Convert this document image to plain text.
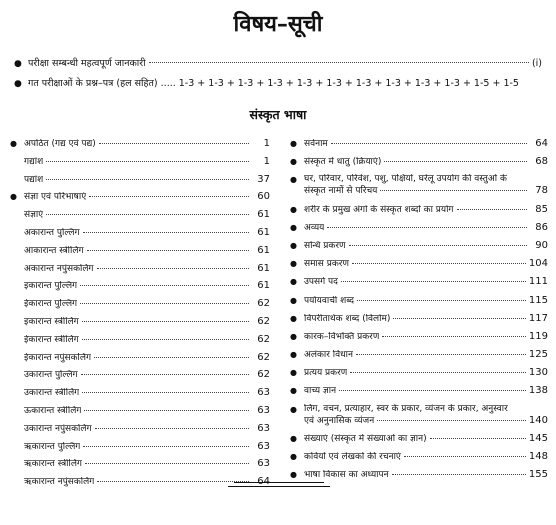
विषय–सूची
● परीक्षा सम्बन्धी महत्वपूर्ण जानकारी	(i)
● गत परीक्षाओं के प्रश्न–पत्र (हल सहित) ..... 1-3 + 1-3 + 1-3 + 1-3 + 1-3 + 1-3 + 1-3 + 1-3 + 1-3 + 1-3 + 1-5 + 1-5
संस्कृत भाषा
● अपठित (गद्य एवं पद्य)	1
गद्यांश	1
पद्यांश	37
● संज्ञा एवं परिभाषाएं	60
संज्ञाएं	61
अकारान्त पुल्लिंग	61
आकारान्त स्त्रीलिंग	61
अकारान्त नपुंसकलिंग	61
इकारान्त पुल्लिंग	61
ईकारान्त पुल्लिंग	62
इकारान्त स्त्रीलिंग	62
ईकारान्त स्त्रीलिंग	62
ईकारान्त नपुंसकलिंग	62
उकारान्त पुल्लिंग	62
उकारान्त स्त्रीलिंग	63
ऊकारान्त स्त्रीलिंग	63
उकारान्त नपुंसकलिंग	63
ऋकारान्त पुल्लिंग	63
ऋकारान्त स्त्रीलिंग	63
ऋकारान्त नपुंसकलिंग	64
● सर्वनाम	64
● संस्कृत में धातु (क्रियाएं)	68
● घर, परिवार, परिवेश, पशु, पक्षियों, घरेलू उपयोग की वस्तुओं के
संस्कृत नामों से परिचय	78
● शरीर के प्रमुख अंगों के संस्कृत शब्दों का प्रयोग	85
● अव्यय	86
● सन्धि प्रकरण	90
● समास प्रकरण	104
● उपसर्ग पद	111
● पर्यायवाची शब्द	115
● विपरीतार्थक शब्द (विलोम)	117
● कारक–विभक्ति प्रकरण	119
● अलंकार विधान	125
● प्रत्यय प्रकरण	130
● वाच्य ज्ञान	138
● लिंग, वचन, प्रत्याहार, स्वर के प्रकार, व्यंजन के प्रकार, अनुस्वार
एवं अनुनासिक व्यंजन	140
● संख्याएं (संस्कृत में संख्याओं का ज्ञान)	145
● कवियों एवं लेखकों की रचनाएं	148
● भाषा विकास का अध्यापन	155
